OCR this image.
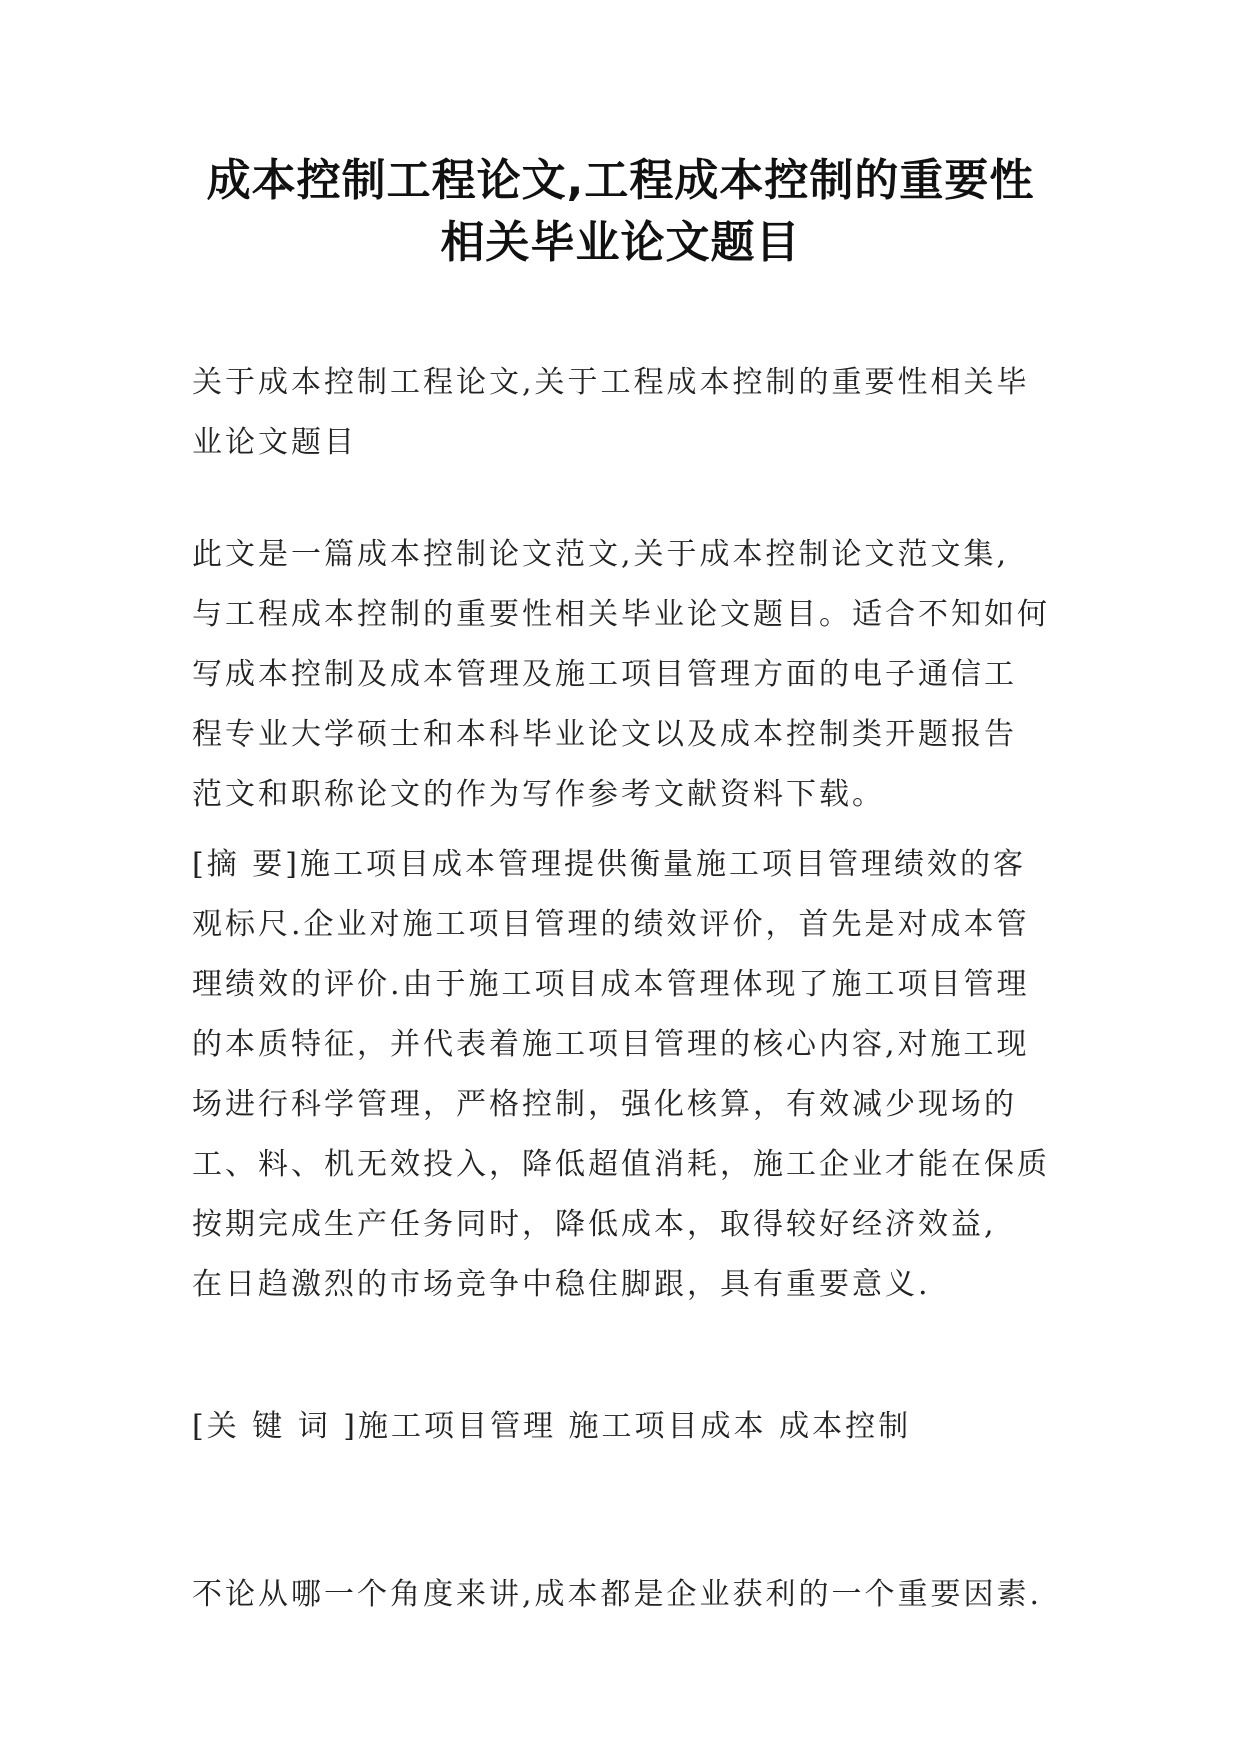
成本控制工程论文,工程成本控制的重要性
相关毕业论文题目

关于成本控制工程论文,关于工程成本控制的重要性相关毕
业论文题目

此文是一篇成本控制论文范文,关于成本控制论文范文集,
与工程成本控制的重要性相关毕业论文题目。适合不知如何
写成本控制及成本管理及施工项目管理方面的电子通信工
程专业大学硕士和本科毕业论文以及成本控制类开题报告
范文和职称论文的作为写作参考文献资料下载。

[摘 要]施工项目成本管理提供衡量施工项目管理绩效的客
观标尺.企业对施工项目管理的绩效评价，首先是对成本管
理绩效的评价.由于施工项目成本管理体现了施工项目管理
的本质特征，并代表着施工项目管理的核心内容,对施工现
场进行科学管理，严格控制，强化核算，有效减少现场的
工、料、机无效投入，降低超值消耗，施工企业才能在保质
按期完成生产任务同时，降低成本，取得较好经济效益,
在日趋激烈的市场竞争中稳住脚跟，具有重要意义.

[关 键 词 ]施工项目管理 施工项目成本 成本控制

不论从哪一个角度来讲,成本都是企业获利的一个重要因素.
